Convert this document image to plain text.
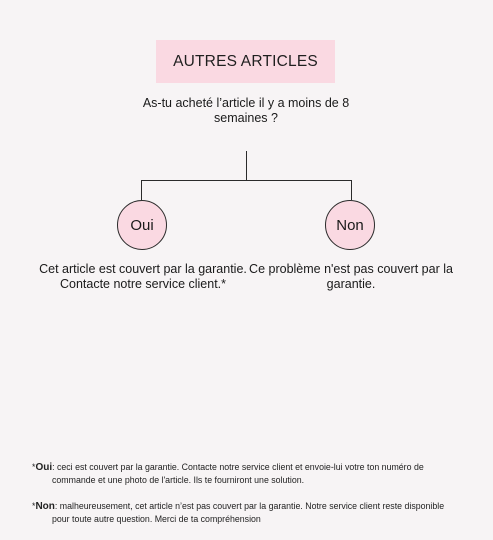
AUTRES ARTICLES
As-tu acheté l’article il y a moins de 8 semaines ?
Oui	Non
Cet article est couvert par la garantie. Contacte notre service client.*
Ce problème n'est pas couvert par la garantie.
*Oui: ceci est couvert par la garantie. Contacte notre service client et envoie-lui votre ton numéro de commande et une photo de l'article. Ils te fourniront une solution.
*Non: malheureusement, cet article n’est pas couvert par la garantie. Notre service client reste disponible pour toute autre question. Merci de ta compréhension
